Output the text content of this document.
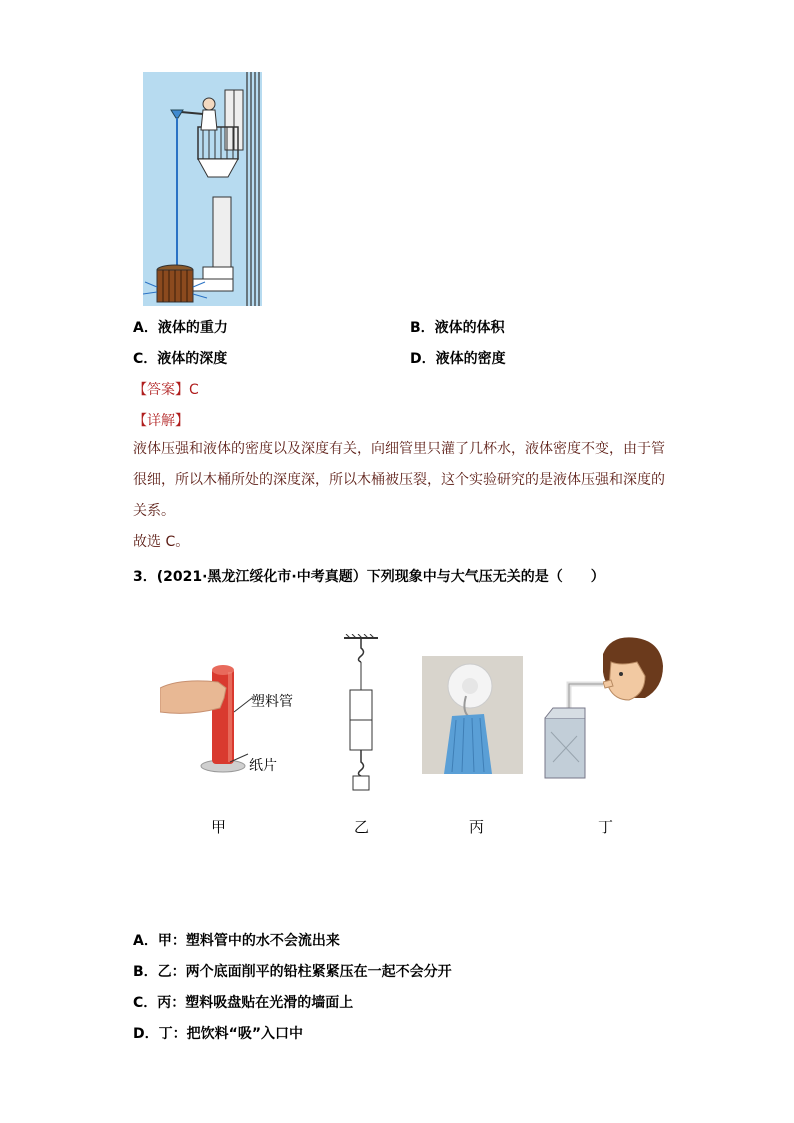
A．液体的重力	B．液体的体积
C．液体的深度	D．液体的密度
【答案】C
【详解】
液体压强和液体的密度以及深度有关，向细管里只灌了几杯水，液体密度不变，由于管
很细，所以木桶所处的深度深，所以木桶被压裂，这个实验研究的是液体压强和深度的
关系。
故选 C。
3．(2021·黑龙江绥化市·中考真题）下列现象中与大气压无关的是（　　）
塑料管
纸片
甲	乙	丙	丁
A．甲：塑料管中的水不会流出来
B．乙：两个底面削平的铅柱紧紧压在一起不会分开
C．丙：塑料吸盘贴在光滑的墙面上
D．丁：把饮料“吸”入口中
